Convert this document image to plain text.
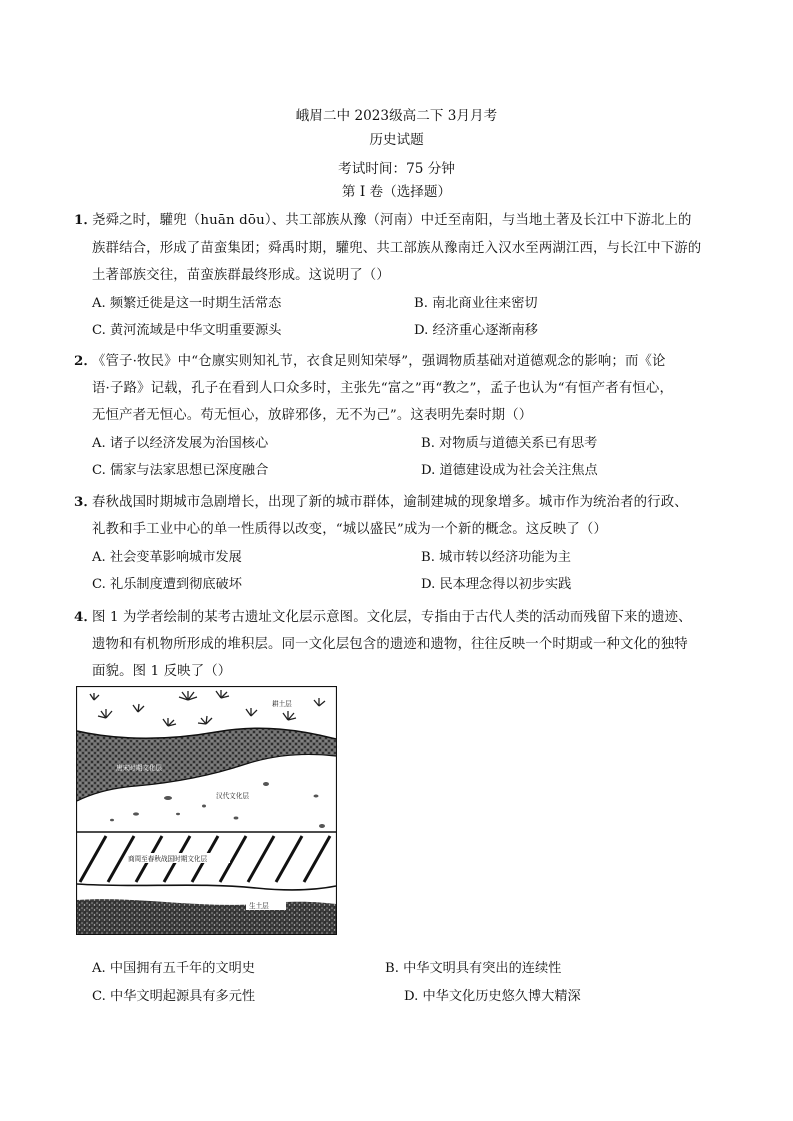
峨眉二中 2023级高二下 3月月考
历史试题
考试时间：75 分钟
第 I 卷（选择题）
1．
尧舜之时，驩兜（huān dōu）、共工部族从豫（河南）中迁至南阳，与当地土著及长江中下游北上的
族群结合，形成了苗蛮集团；舜禹时期，驩兜、共工部族从豫南迁入汉水至两湖江西，与长江中下游的
土著部族交往，苗蛮族群最终形成。这说明了（）
A. 频繁迁徙是这一时期生活常态	B. 南北商业往来密切
C. 黄河流域是中华文明重要源头	D. 经济重心逐渐南移
2．
《管子·牧民》中“仓廪实则知礼节，衣食足则知荣辱”，强调物质基础对道德观念的影响；而《论
语·子路》记载，孔子在看到人口众多时，主张先“富之”再“教之”，孟子也认为“有恒产者有恒心，
无恒产者无恒心。苟无恒心，放辟邪侈，无不为己”。这表明先秦时期（）
A. 诸子以经济发展为治国核心	B. 对物质与道德关系已有思考
C. 儒家与法家思想已深度融合	D. 道德建设成为社会关注焦点
3．
春秋战国时期城市急剧增长，出现了新的城市群体，逾制建城的现象增多。城市作为统治者的行政、
礼教和手工业中心的单一性质得以改变，“城以盛民”成为一个新的概念。这反映了（）
A. 社会变革影响城市发展	B. 城市转以经济功能为主
C. 礼乐制度遭到彻底破坏	D. 民本理念得以初步实践
4．
图 1 为学者绘制的某考古遗址文化层示意图。文化层，专指由于古代人类的活动而残留下来的遗迹、
遗物和有机物所形成的堆积层。同一文化层包含的遗迹和遗物，往往反映一个时期或一种文化的独特
面貌。图 1 反映了（）
耕土层
唐宋时期文化层
汉代文化层
商周至春秋战国时期文化层
生土层
A. 中国拥有五千年的文明史	B. 中华文明具有突出的连续性
C. 中华文明起源具有多元性	D. 中华文化历史悠久博大精深
